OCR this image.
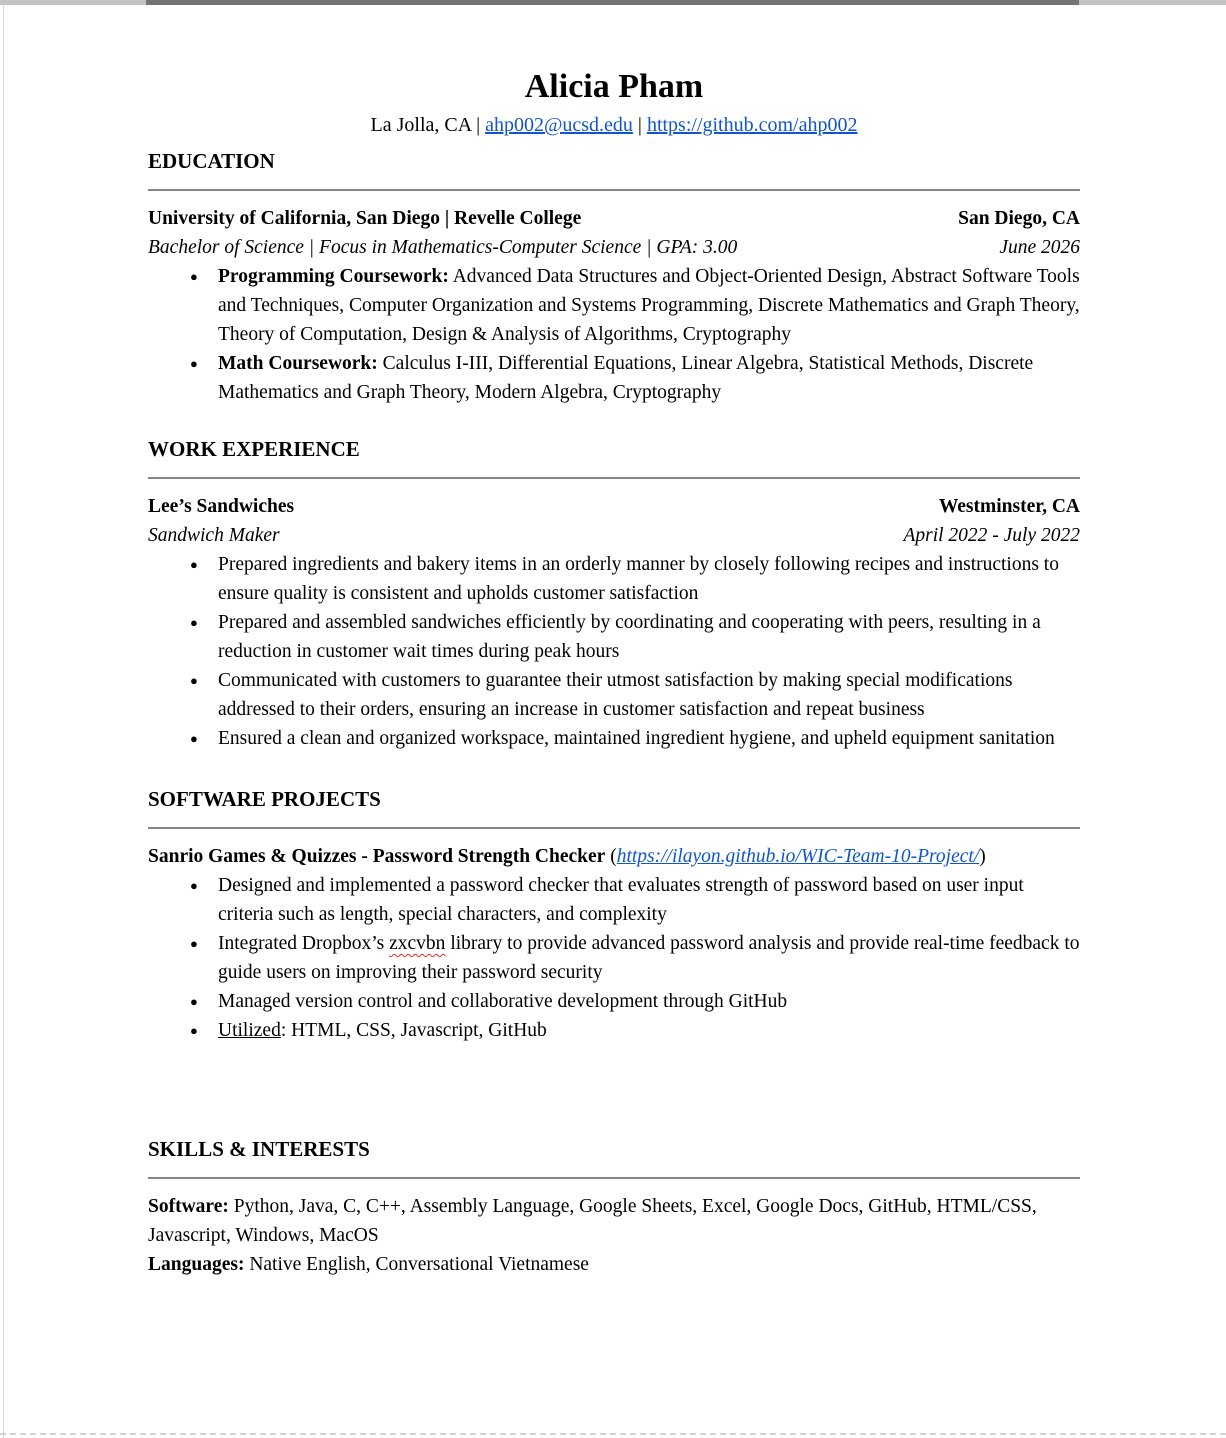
Alicia Pham
La Jolla, CA | ahp002@ucsd.edu | https://github.com/ahp002
EDUCATION
University of California, San Diego | Revelle College	San Diego, CA
Bachelor of Science | Focus in Mathematics-Computer Science | GPA: 3.00	June 2026
● Programming Coursework: Advanced Data Structures and Object-Oriented Design, Abstract Software Tools and Techniques, Computer Organization and Systems Programming, Discrete Mathematics and Graph Theory, Theory of Computation, Design & Analysis of Algorithms, Cryptography
● Math Coursework: Calculus I-III, Differential Equations, Linear Algebra, Statistical Methods, Discrete Mathematics and Graph Theory, Modern Algebra, Cryptography
WORK EXPERIENCE
Lee’s Sandwiches	Westminster, CA
Sandwich Maker	April 2022 - July 2022
● Prepared ingredients and bakery items in an orderly manner by closely following recipes and instructions to ensure quality is consistent and upholds customer satisfaction
● Prepared and assembled sandwiches efficiently by coordinating and cooperating with peers, resulting in a reduction in customer wait times during peak hours
● Communicated with customers to guarantee their utmost satisfaction by making special modifications addressed to their orders, ensuring an increase in customer satisfaction and repeat business
● Ensured a clean and organized workspace, maintained ingredient hygiene, and upheld equipment sanitation
SOFTWARE PROJECTS
Sanrio Games & Quizzes - Password Strength Checker (https://ilayon.github.io/WIC-Team-10-Project/)
● Designed and implemented a password checker that evaluates strength of password based on user input criteria such as length, special characters, and complexity
● Integrated Dropbox’s zxcvbn library to provide advanced password analysis and provide real-time feedback to guide users on improving their password security
● Managed version control and collaborative development through GitHub
● Utilized: HTML, CSS, Javascript, GitHub
SKILLS & INTERESTS
Software: Python, Java, C, C++, Assembly Language, Google Sheets, Excel, Google Docs, GitHub, HTML/CSS, Javascript, Windows, MacOS
Languages: Native English, Conversational Vietnamese
